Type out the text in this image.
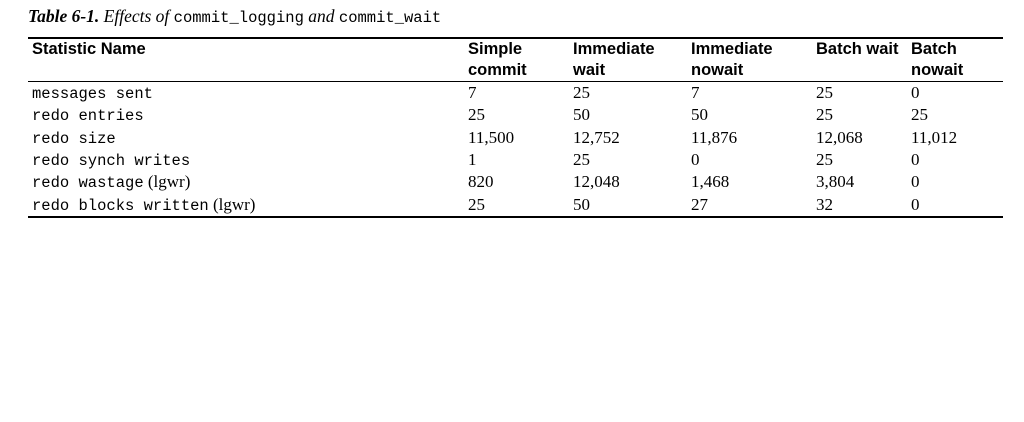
Table 6-1. Effects of commit_logging and commit_wait
Statistic Name	Simple commit	Immediate wait	Immediate nowait	Batch wait	Batch nowait
messages sent	7	25	7	25	0
redo entries	25	50	50	25	25
redo size	11,500	12,752	11,876	12,068	11,012
redo synch writes	1	25	0	25	0
redo wastage (lgwr)	820	12,048	1,468	3,804	0
redo blocks written (lgwr)	25	50	27	32	0
